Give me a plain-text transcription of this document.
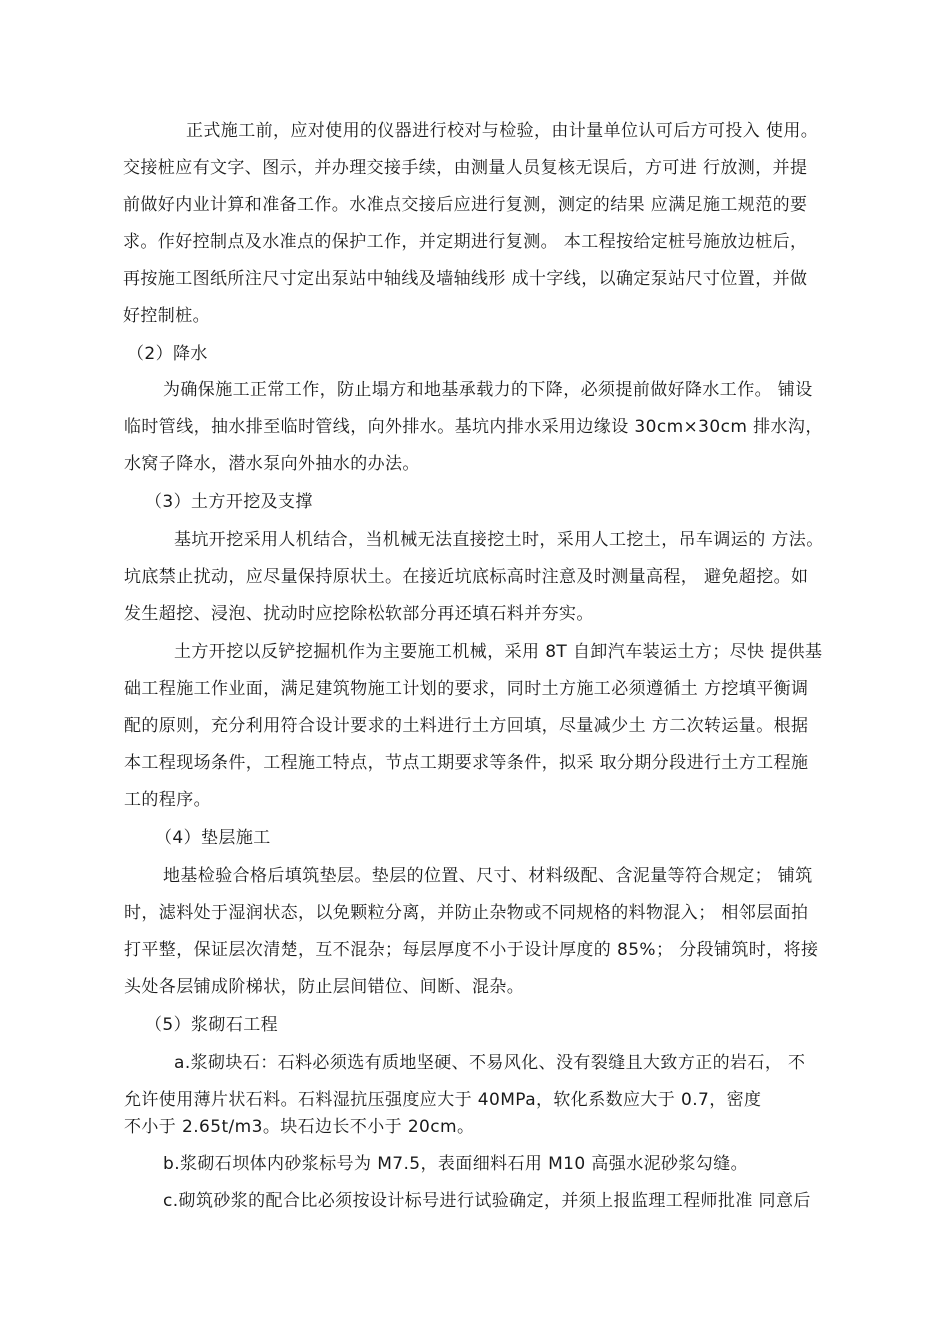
正式施工前，应对使用的仪器进行校对与检验，由计量单位认可后方可投入 使用。
交接桩应有文字、图示，并办理交接手续，由测量人员复核无误后，方可进 行放测，并提
前做好内业计算和准备工作。水准点交接后应进行复测，测定的结果 应满足施工规范的要
求。作好控制点及水准点的保护工作，并定期进行复测。 本工程按给定桩号施放边桩后，
再按施工图纸所注尺寸定出泵站中轴线及墙轴线形 成十字线，以确定泵站尺寸位置，并做
好控制桩。
（2）降水
为确保施工正常工作，防止塌方和地基承载力的下降，必须提前做好降水工作。 铺设
临时管线，抽水排至临时管线，向外排水。基坑内排水采用边缘设 30cm×30cm 排水沟，
水窝子降水，潜水泵向外抽水的办法。
（3）土方开挖及支撑
基坑开挖采用人机结合，当机械无法直接挖土时，采用人工挖土，吊车调运的 方法。
坑底禁止扰动，应尽量保持原状土。在接近坑底标高时注意及时测量高程， 避免超挖。如
发生超挖、浸泡、扰动时应挖除松软部分再还填石料并夯实。
土方开挖以反铲挖掘机作为主要施工机械，采用 8T 自卸汽车装运土方；尽快 提供基
础工程施工作业面，满足建筑物施工计划的要求，同时土方施工必须遵循土 方挖填平衡调
配的原则，充分利用符合设计要求的土料进行土方回填，尽量减少土 方二次转运量。根据
本工程现场条件，工程施工特点，节点工期要求等条件，拟采 取分期分段进行土方工程施
工的程序。
（4）垫层施工
地基检验合格后填筑垫层。垫层的位置、尺寸、材料级配、含泥量等符合规定； 铺筑
时，滤料处于湿润状态，以免颗粒分离，并防止杂物或不同规格的料物混入； 相邻层面拍
打平整，保证层次清楚，互不混杂；每层厚度不小于设计厚度的 85%； 分段铺筑时，将接
头处各层铺成阶梯状，防止层间错位、间断、混杂。
（5）浆砌石工程
a.浆砌块石：石料必须选有质地坚硬、不易风化、没有裂缝且大致方正的岩石， 不
允许使用薄片状石料。石料湿抗压强度应大于 40MPa，软化系数应大于 0.7，密度
不小于 2.65t/m3。块石边长不小于 20cm。
b.浆砌石坝体内砂浆标号为 M7.5，表面细料石用 M10 高强水泥砂浆勾缝。
c.砌筑砂浆的配合比必须按设计标号进行试验确定，并须上报监理工程师批准 同意后
